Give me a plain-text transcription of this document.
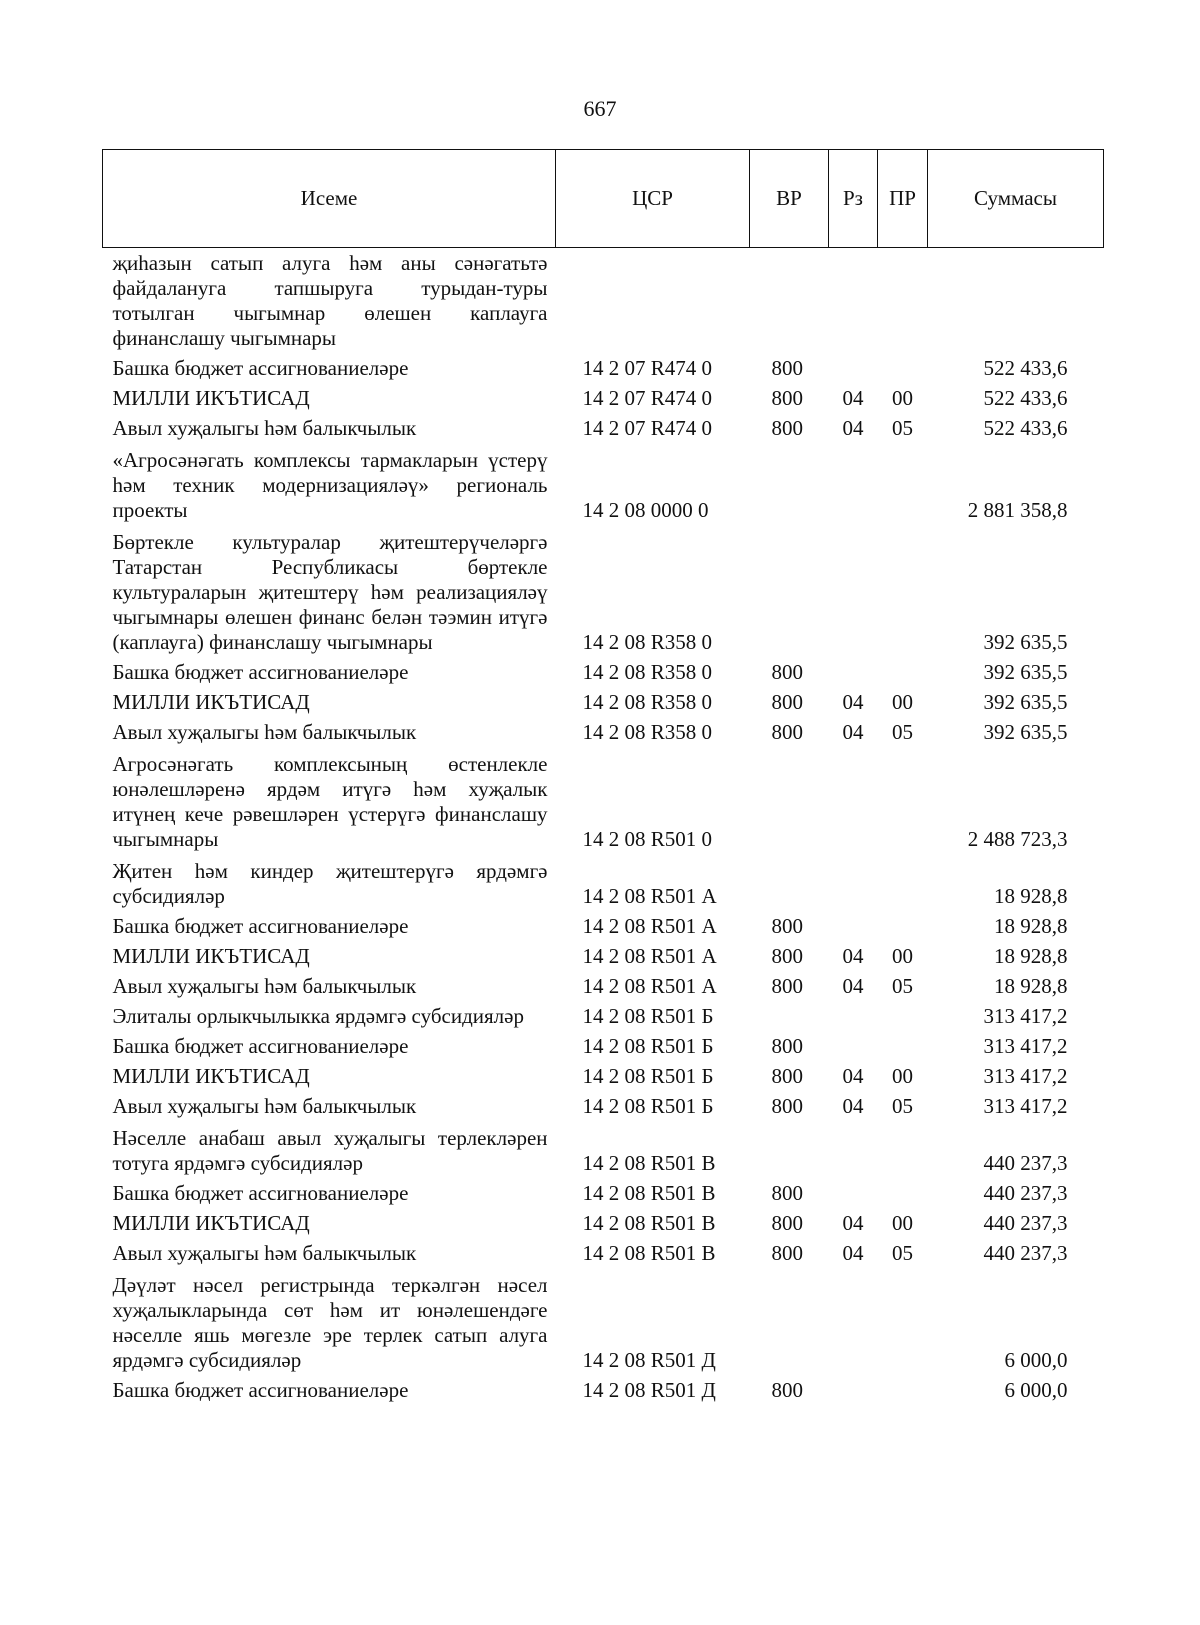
667
Исеме	ЦСР	ВР	Рз	ПР	Суммасы
җиһазын сатып алуга һәм аны сәнәгатьтә файдалануга тапшыруга турыдан-туры тотылган чыгымнар өлешен каплауга финанслашу чыгымнары					
Башка бюджет ассигнованиеләре	14 2 07 R474 0	800			522 433,6
МИЛЛИ ИКЪТИСАД	14 2 07 R474 0	800	04	00	522 433,6
Авыл хуҗалыгы һәм балыкчылык	14 2 07 R474 0	800	04	05	522 433,6
«Агросәнәгать комплексы тармакларын үстерү һәм техник модернизацияләү» региональ проекты	14 2 08 0000 0				2 881 358,8
Бөртекле культуралар җитештерүчеләргә Татарстан Республикасы бөртекле культураларын җитештерү һәм реализацияләү чыгымнары өлешен финанс белән тәэмин итүгә (каплауга) финанслашу чыгымнары	14 2 08 R358 0				392 635,5
Башка бюджет ассигнованиеләре	14 2 08 R358 0	800			392 635,5
МИЛЛИ ИКЪТИСАД	14 2 08 R358 0	800	04	00	392 635,5
Авыл хуҗалыгы һәм балыкчылык	14 2 08 R358 0	800	04	05	392 635,5
Агросәнәгать комплексының өстенлекле юнәлешләренә ярдәм итүгә һәм хуҗалык итүнең кече рәвешләрен үстерүгә финанслашу чыгымнары	14 2 08 R501 0				2 488 723,3
Җитен һәм киндер җитештерүгә ярдәмгә субсидияләр	14 2 08 R501 А				18 928,8
Башка бюджет ассигнованиеләре	14 2 08 R501 А	800			18 928,8
МИЛЛИ ИКЪТИСАД	14 2 08 R501 А	800	04	00	18 928,8
Авыл хуҗалыгы һәм балыкчылык	14 2 08 R501 А	800	04	05	18 928,8
Элиталы орлыкчылыкка ярдәмгә субсидияләр	14 2 08 R501 Б				313 417,2
Башка бюджет ассигнованиеләре	14 2 08 R501 Б	800			313 417,2
МИЛЛИ ИКЪТИСАД	14 2 08 R501 Б	800	04	00	313 417,2
Авыл хуҗалыгы һәм балыкчылык	14 2 08 R501 Б	800	04	05	313 417,2
Нәселле анабаш авыл хуҗалыгы терлекләрен тотуга ярдәмгә субсидияләр	14 2 08 R501 В				440 237,3
Башка бюджет ассигнованиеләре	14 2 08 R501 В	800			440 237,3
МИЛЛИ ИКЪТИСАД	14 2 08 R501 В	800	04	00	440 237,3
Авыл хуҗалыгы һәм балыкчылык	14 2 08 R501 В	800	04	05	440 237,3
Дәүләт нәсел регистрында теркәлгән нәсел хуҗалыкларында сөт һәм ит юнәлешендәге нәселле яшь мөгезле эре терлек сатып алуга ярдәмгә субсидияләр	14 2 08 R501 Д				6 000,0
Башка бюджет ассигнованиеләре	14 2 08 R501 Д	800			6 000,0
